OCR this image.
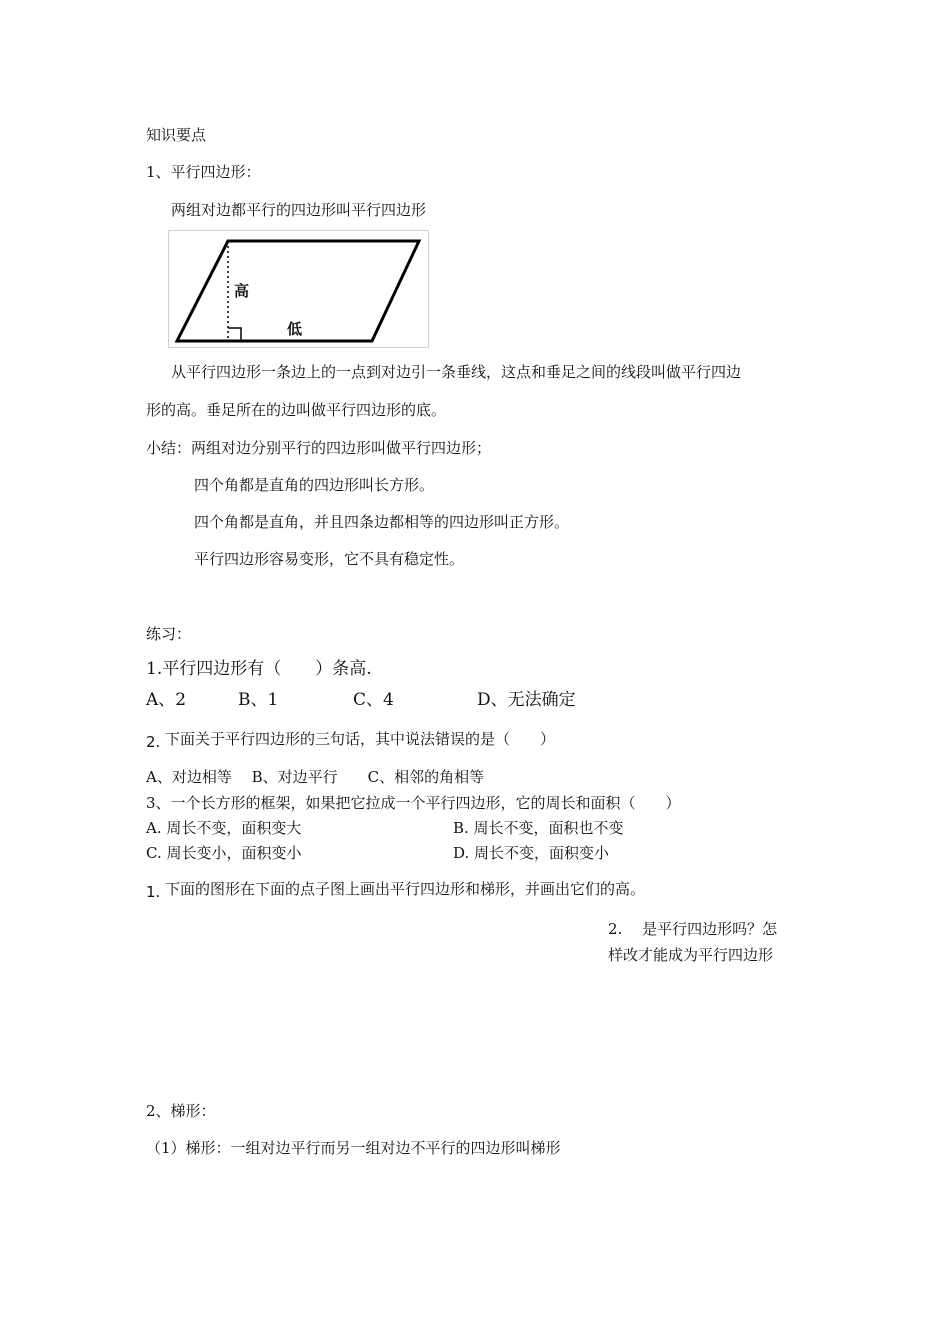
知识要点
1、平行四边形：
两组对边都平行的四边形叫平行四边形
高
低
从平行四边形一条边上的一点到对边引一条垂线，这点和垂足之间的线段叫做平行四边
形的高。垂足所在的边叫做平行四边形的底。
小结：两组对边分别平行的四边形叫做平行四边形；
四个角都是直角的四边形叫长方形。
四个角都是直角，并且四条边都相等的四边形叫正方形。
平行四边形容易变形，它不具有稳定性。
练习：
1.平行四边形有（　　）条高.
A、2	B、1	C、4	D、无法确定
2. 下面关于平行四边形的三句话，其中说法错误的是（　　）
A、对边相等　 B、对边平行　　C、相邻的角相等
3、一个长方形的框架，如果把它拉成一个平行四边形，它的周长和面积（　　）
A. 周长不变，面积变大	B. 周长不变，面积也不变
C. 周长变小，面积变小	D. 周长不变，面积变小
1. 下面的图形在下面的点子图上画出平行四边形和梯形，并画出它们的高。
2.　 是平行四边形吗？怎
样改才能成为平行四边形
2、梯形：
（1）梯形：一组对边平行而另一组对边不平行的四边形叫梯形
